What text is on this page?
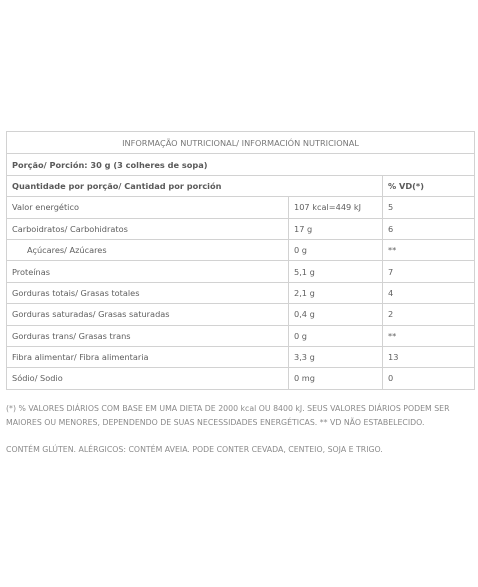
INFORMAÇÃO NUTRICIONAL/ INFORMACIÓN NUTRICIONAL		
Porção/ Porción: 30 g (3 colheres de sopa)		
Quantidade por porção/ Cantidad por porción		% VD(*)
Valor energético	107 kcal=449 kJ	5
Carboidratos/ Carbohidratos	17 g	6
Açúcares/ Azúcares	0 g	**
Proteínas	5,1 g	7
Gorduras totais/ Grasas totales	2,1 g	4
Gorduras saturadas/ Grasas saturadas	0,4 g	2
Gorduras trans/ Grasas trans	0 g	**
Fibra alimentar/ Fibra alimentaria	3,3 g	13
Sódio/ Sodio	0 mg	0

(*) % VALORES DIÁRIOS COM BASE EM UMA DIETA DE 2000 kcal OU 8400 kJ. SEUS VALORES DIÁRIOS PODEM SER MAIORES OU MENORES, DEPENDENDO DE SUAS NECESSIDADES ENERGÉTICAS. ** VD NÃO ESTABELECIDO.

CONTÉM GLÚTEN. ALÉRGICOS: CONTÉM AVEIA. PODE CONTER CEVADA, CENTEIO, SOJA E TRIGO.
